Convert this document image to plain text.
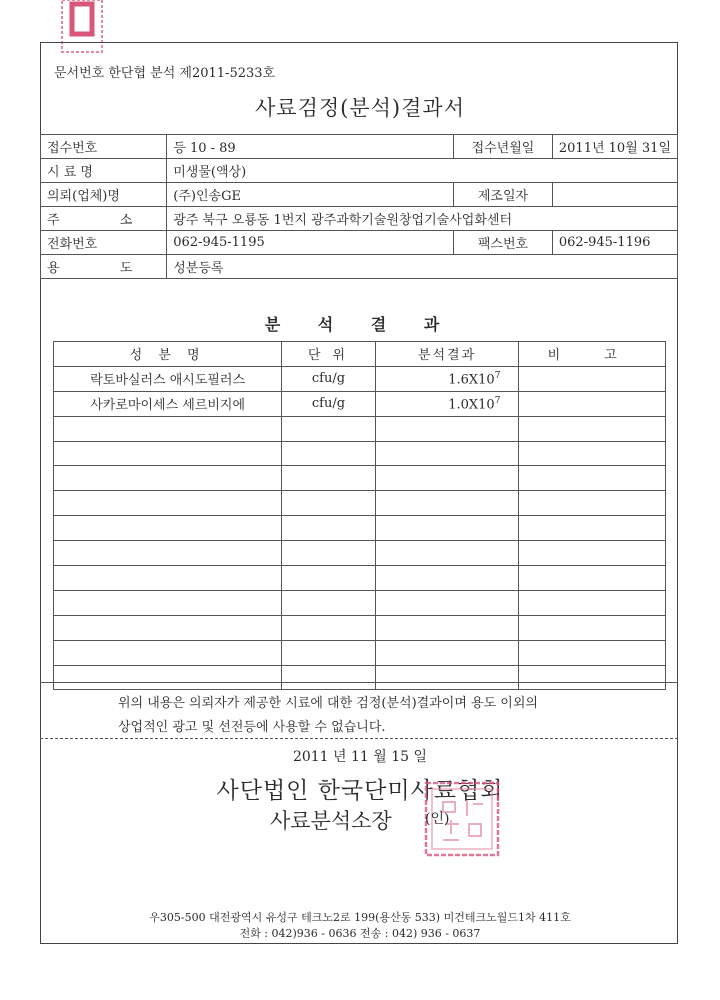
문서번호 한단협 분석 제2011-5233호
사료검정(분석)결과서
접수번호	등 10 - 89	접수년월일	2011년 10월 31일
시 료 명	미생물(액상)		
의뢰(업체)명	(주)인송GE	제조일자	
주 소	광주 북구 오룡동 1번지 광주과학기술원창업기술사업화센터		
전화번호	062-945-1195	팩스번호	062-945-1196
용 도	성분등록		
분 석 결 과
성 분 명	단 위	분석결과	비 고
락토바실러스 애시도필러스	cfu/g	$1.6X10^7$	
사카로마이세스 세르비지에	cfu/g	$1.0X10^7$	

위의 내용은 의뢰자가 제공한 시료에 대한 검정(분석)결과이며 용도 이외의
상업적인 광고 및 선전등에 사용할 수 없습니다.
2011 년 11 월 15 일
사단법인 한국단미사료협회
사료분석소장 (인)
우305-500 대전광역시 유성구 테크노2로 199(용산동 533) 미건테크노월드1차 411호
전화 : 042)936 - 0636 전송 : 042) 936 - 0637
